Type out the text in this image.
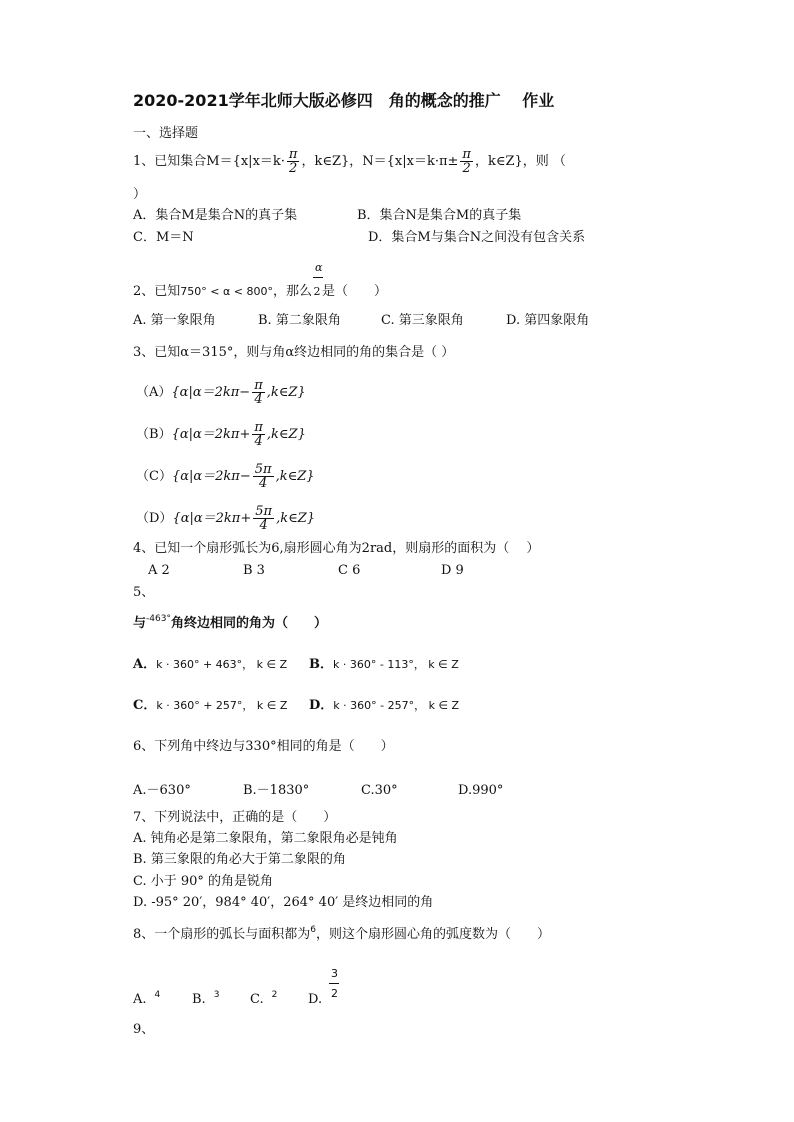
2020-2021学年北师大版必修四　角的概念的推广　 作业
一、选择题
1、已知集合$M=\{x|x=k\cdot \frac{\pi}{2}$ ，k∈Z}，$N=\{x|x=k\cdot\pi\pm \frac{\pi}{2}$ ，k∈Z}，则 （
）
A．集合M是集合N的真子集	B．集合N是集合M的真子集
C．M＝N	D．集合M与集合N之间没有包含关系
α
2、已知750° < α < 800°，那么 2 是（　　）
A. 第一象限角	B. 第二象限角	C. 第三象限角	D. 第四象限角
3、已知α＝315°，则与角α终边相同的角的集合是（ ）
$(A)\{\alpha|\alpha=2k\pi- \frac{\pi}{4}$ ,k∈Z}
$(B)\{\alpha|\alpha=2k\pi+ \frac{\pi}{4}$ ,k∈Z}
$(C)\{\alpha|\alpha=2k\pi- \frac{5\pi}{4}$ ,k∈Z}
$(D)\{\alpha|\alpha=2k\pi+ \frac{5\pi}{4}$ ,k∈Z}
4、已知一个扇形弧长为6,扇形圆心角为2rad，则扇形的面积为（　 ）
A 2	B 3	C 6	D 9
5、
与$^{-463^\circ}$角终边相同的角为（　　）
A．k · 360° + 463°， k ∈ Z B．k · 360° - 113°， k ∈ Z
C．k · 360° + 257°， k ∈ Z D．k · 360° - 257°， k ∈ Z
6、下列角中终边与330°相同的角是（　　）
A.－630°	B.－1830°	C.30°	D.990°
7、下列说法中，正确的是（　　）
A. 钝角必是第二象限角，第二象限角必是钝角
B. 第三象限的角必大于第二象限的角
C. 小于 90° 的角是锐角
D. -95° 20′，984° 40′，264° 40′ 是终边相同的角
8、一个扇形的弧长与面积都为$^6$，则这个扇形圆心角的弧度数为（　　）
3
2
A. $^4$ B. $^3$ C. $^2$ D.
9、
